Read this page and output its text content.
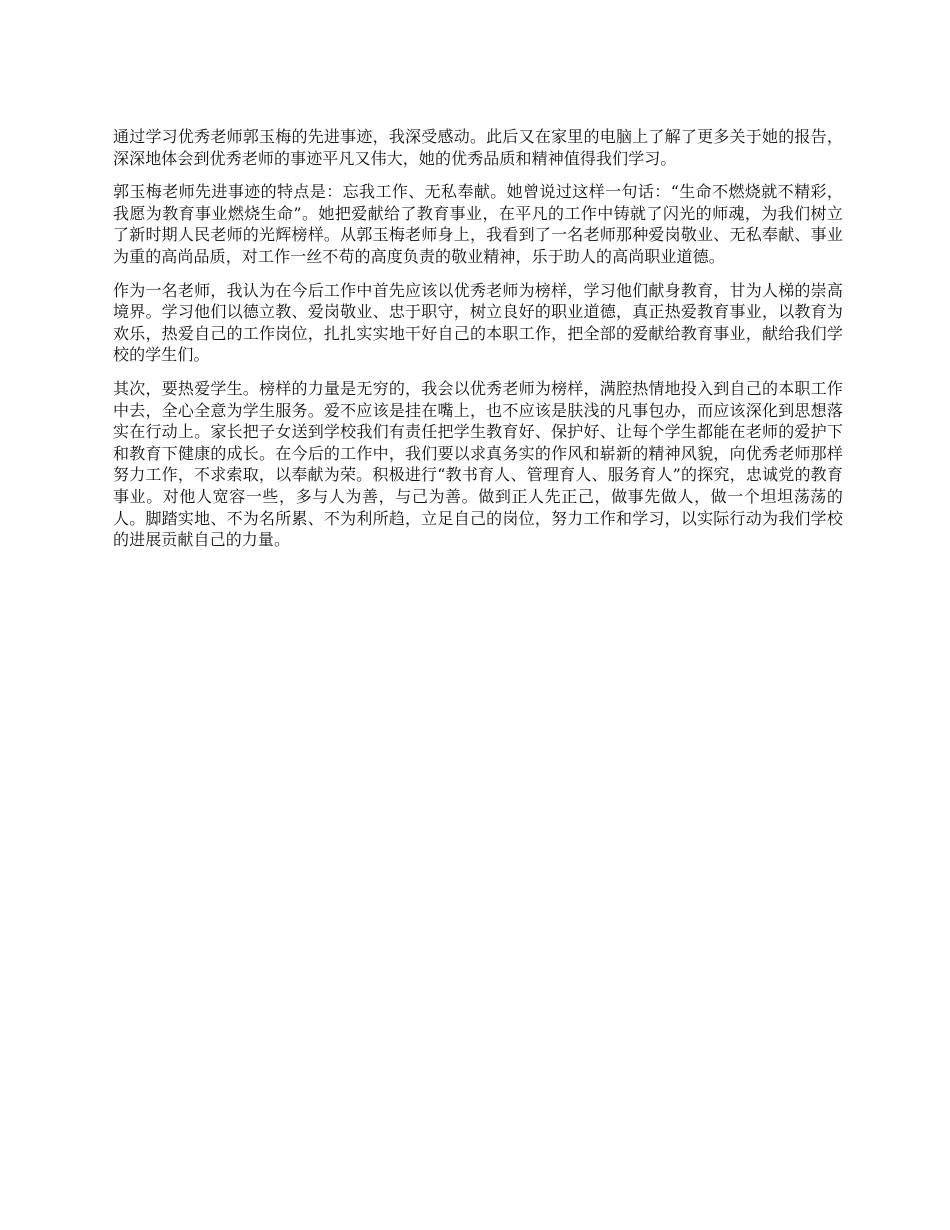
通过学习优秀老师郭玉梅的先进事迹，我深受感动。此后又在家里的电脑上了解了更多关于她的报告，深深地体会到优秀老师的事迹平凡又伟大，她的优秀品质和精神值得我们学习。

郭玉梅老师先进事迹的特点是：忘我工作、无私奉献。她曾说过这样一句话：“生命不燃烧就不精彩，我愿为教育事业燃烧生命”。她把爱献给了教育事业，在平凡的工作中铸就了闪光的师魂，为我们树立了新时期人民老师的光辉榜样。从郭玉梅老师身上，我看到了一名老师那种爱岗敬业、无私奉献、事业为重的高尚品质，对工作一丝不苟的高度负责的敬业精神，乐于助人的高尚职业道德。

作为一名老师，我认为在今后工作中首先应该以优秀老师为榜样，学习他们献身教育，甘为人梯的崇高境界。学习他们以德立教、爱岗敬业、忠于职守，树立良好的职业道德，真正热爱教育事业，以教育为欢乐，热爱自己的工作岗位，扎扎实实地干好自己的本职工作，把全部的爱献给教育事业，献给我们学校的学生们。

其次，要热爱学生。榜样的力量是无穷的，我会以优秀老师为榜样，满腔热情地投入到自己的本职工作中去，全心全意为学生服务。爱不应该是挂在嘴上，也不应该是肤浅的凡事包办，而应该深化到思想落实在行动上。家长把子女送到学校我们有责任把学生教育好、保护好、让每个学生都能在老师的爱护下和教育下健康的成长。在今后的工作中，我们要以求真务实的作风和崭新的精神风貌，向优秀老师那样努力工作，不求索取，以奉献为荣。积极进行“教书育人、管理育人、服务育人”的探究，忠诚党的教育事业。对他人宽容一些，多与人为善，与己为善。做到正人先正己，做事先做人，做一个坦坦荡荡的人。脚踏实地、不为名所累、不为利所趋，立足自己的岗位，努力工作和学习，以实际行动为我们学校的进展贡献自己的力量。
